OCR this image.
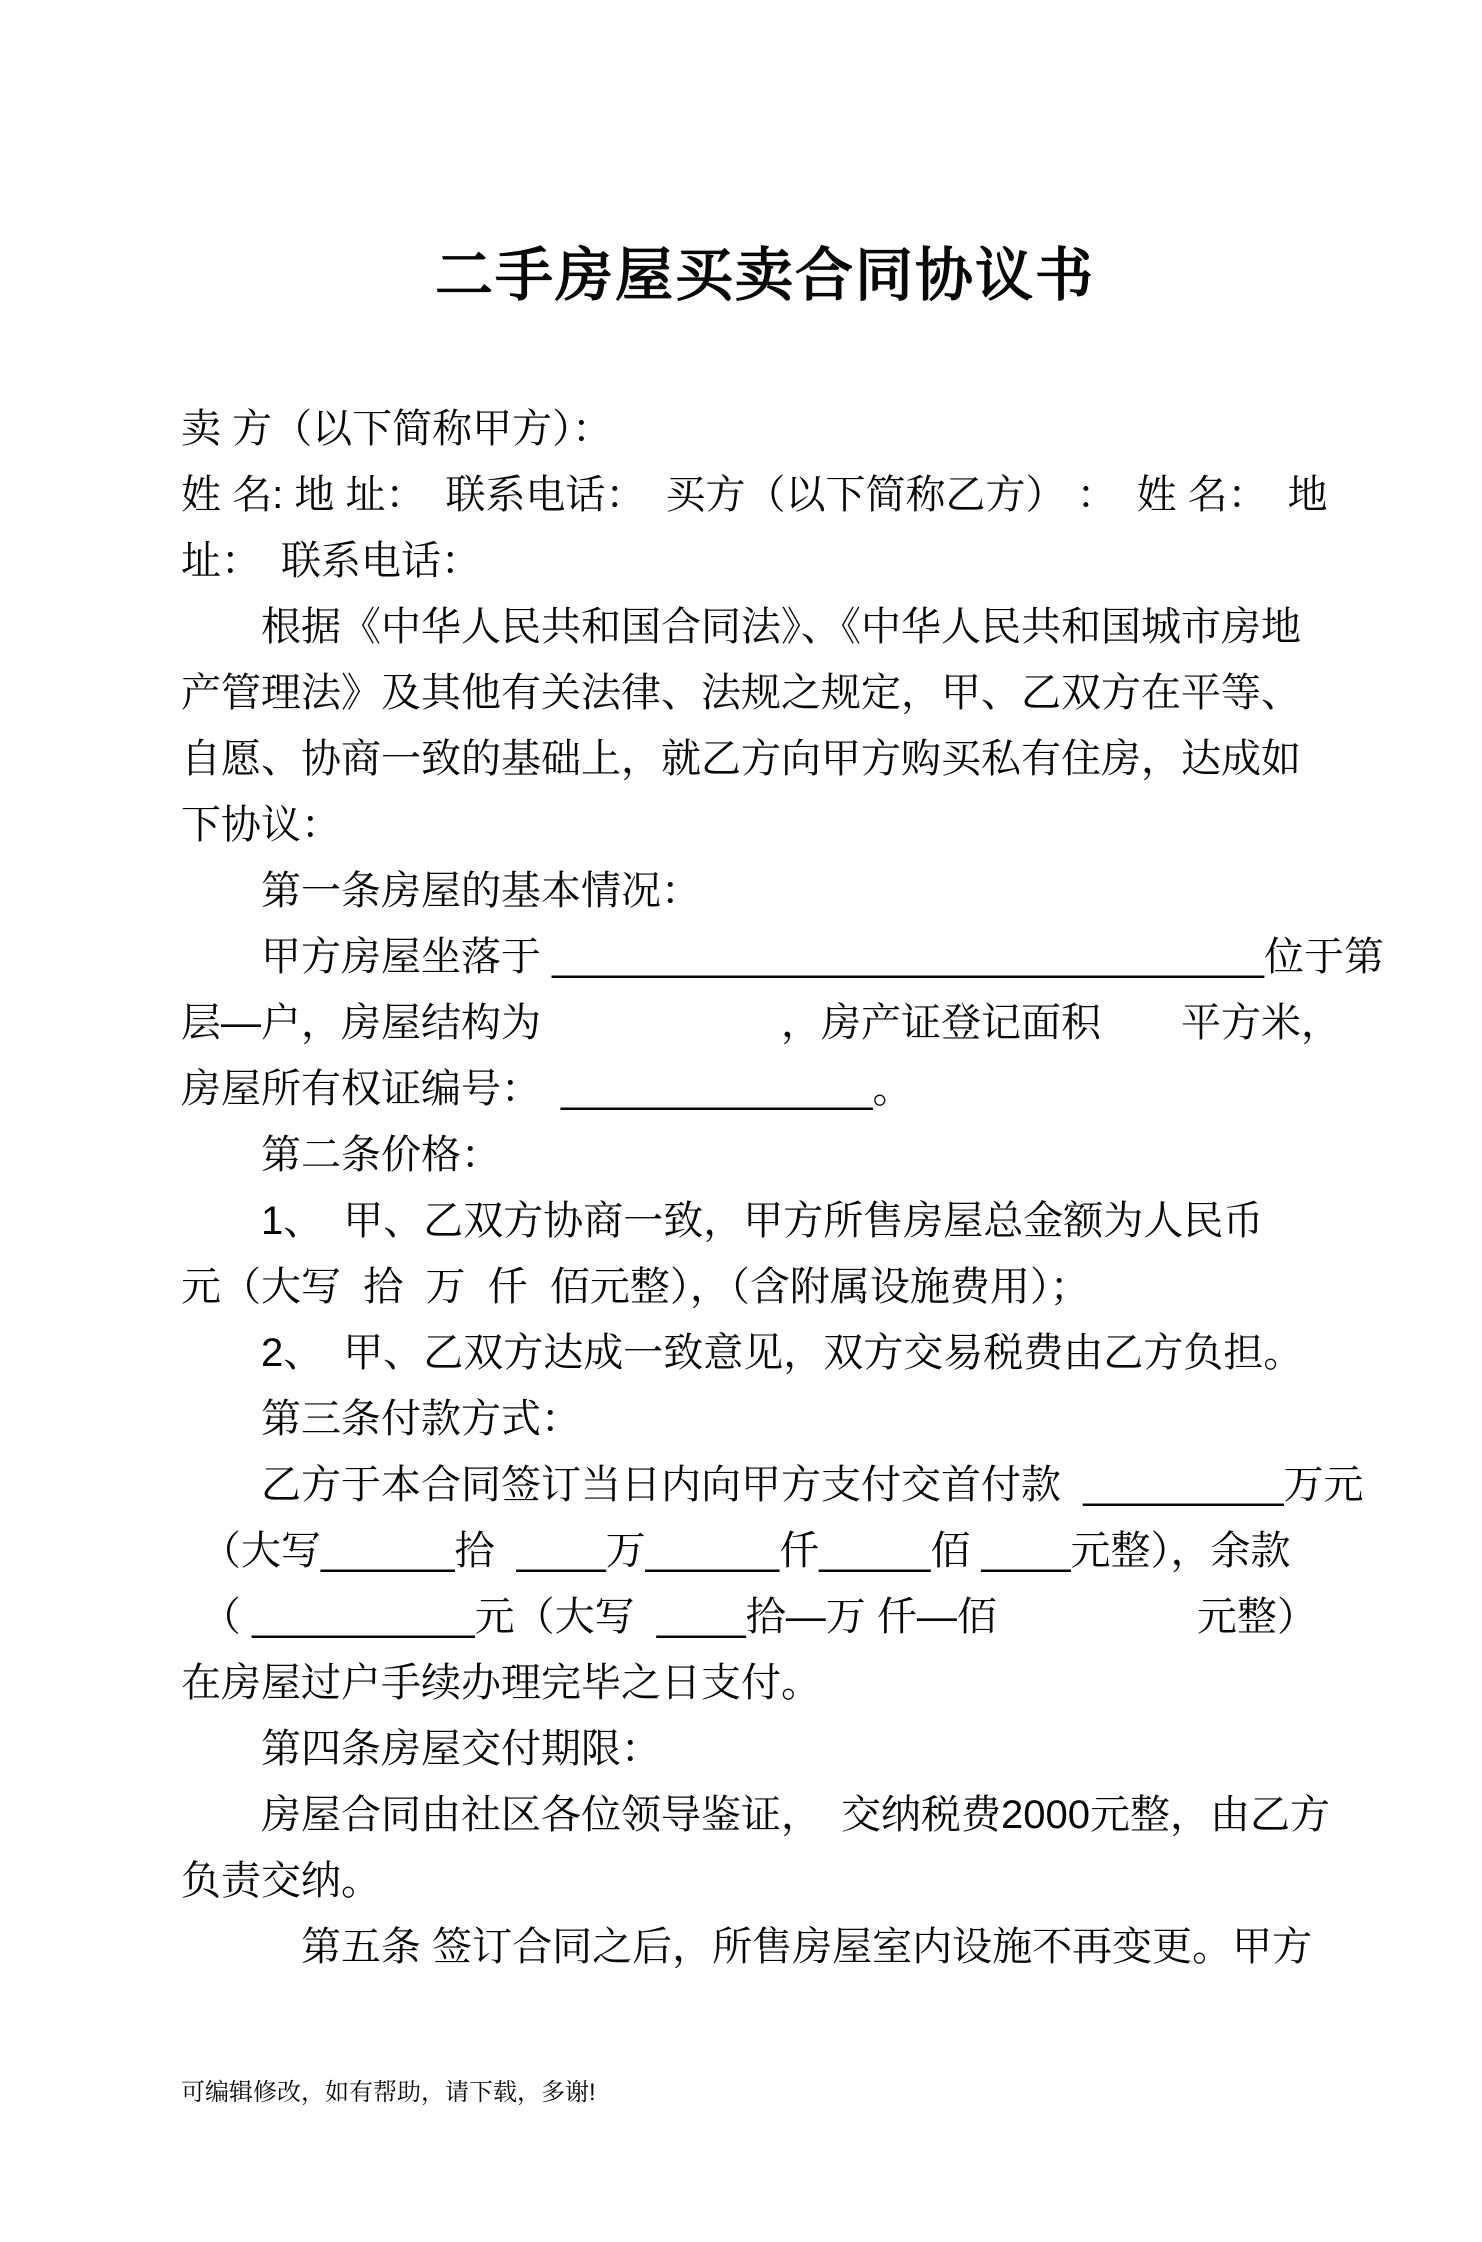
二手房屋买卖合同协议书
卖 方（以下简称甲方）：
姓 名: 地 址：　联系电话：　买方（以下简称乙方） ：　姓 名：　地
址：　联系电话：
　　根据《中华人民共和国合同法》、《中华人民共和国城市房地
产管理法》及其他有关法律、法规之规定，甲、乙双方在平等、
自愿、协商一致的基础上，就乙方向甲方购买私有住房，达成如
下协议：
　　第一条房屋的基本情况：
　　甲方房屋坐落于 ________________________________位于第
层—户，房屋结构为　　　　　　，房产证登记面积　　平方米，
房屋所有权证编号：　______________。
　　第二条价格：
　　1、　甲、乙双方协商一致，甲方所售房屋总金额为人民币
元（大写  拾  万  仟  佰元整），（含附属设施费用）；
　　2、　甲、乙双方达成一致意见，双方交易税费由乙方负担。
　　第三条付款方式：
　　乙方于本合同签订当日内向甲方支付交首付款  _________万元
　（大写______拾  ____万______仟_____佰 ____元整），余款
　（ __________元（大写  ____拾—万 仟—佰　　　　　元整）
在房屋过户手续办理完毕之日支付。
　　第四条房屋交付期限：
　　房屋合同由社区各位领导鉴证，　交纳税费2000元整，由乙方
负责交纳。
　　　第五条 签订合同之后，所售房屋室内设施不再变更。甲方
可编辑修改，如有帮助，请下载，多谢!
